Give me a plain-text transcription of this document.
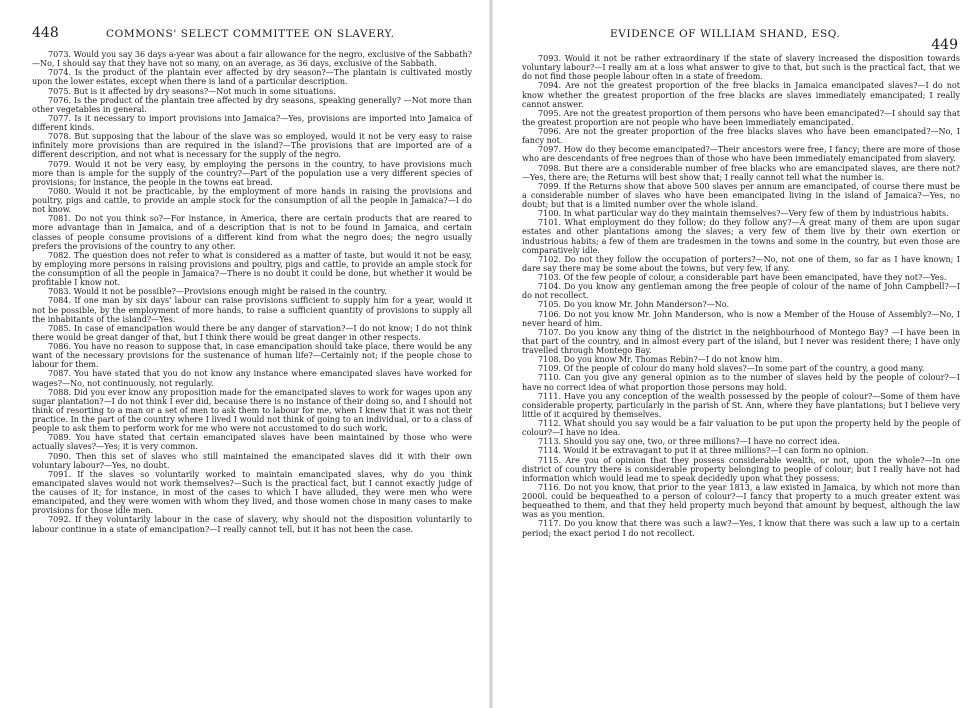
448	COMMONS' SELECT COMMITTEE ON SLAVERY.

7073. Would you say 36 days a-year was about a fair allowance for the negro, exclusive of the Sabbath?—No, I should say that they have not so many, on an average, as 36 days, exclusive of the Sabbath.

7074. Is the product of the plantain ever affected by dry season?—The plantain is cultivated mostly upon the lower estates, except when there is land of a particular description.

7075. But is it affected by dry seasons?—Not much in some situations.

7076. Is the product of the plantain tree affected by dry seasons, speaking generally? —Not more than other vegetables in general.

7077. Is it necessary to import provisions into Jamaica?—Yes, provisions are imported into Jamaica of different kinds.

7078. But supposing that the labour of the slave was so employed, would it not be very easy to raise infinitely more provisions than are required in the island?—The provisions that are imported are of a different description, and not what is necessary for the supply of the negro.

7079. Would it not be very easy, by employing the persons in the country, to have provisions much more than is ample for the supply of the country?—Part of the population use a very different species of provisions; for instance, the people in the towns eat bread.

7080. Would it not be practicable, by the employment of more hands in raising the provisions and poultry, pigs and cattle, to provide an ample stock for the consumption of all the people in Jamaica?—I do not know.

7081. Do not you think so?—For instance, in America, there are certain products that are reared to more advantage than in Jamaica, and of a description that is not to be found in Jamaica, and certain classes of people consume provisions of a different kind from what the negro does; the negro usually prefers the provisions of the country to any other.

7082. The question does not refer to what is considered as a matter of taste, but would it not be easy, by employing more persons in raising provisions and poultry, pigs and cattle, to provide an ample stock for the consumption of all the people in Jamaica?—There is no doubt it could be done, but whether it would be profitable I know not.

7083. Would it not be possible?—Provisions enough might be raised in the country.

7084. If one man by six days' labour can raise provisions sufficient to supply him for a year, would it not be possible, by the employment of more hands, to raise a sufficient quantity of provisions to supply all the inhabitants of the island?—Yes.

7085. In case of emancipation would there be any danger of starvation?—I do not know; I do not think there would be great danger of that, but I think there would be great danger in other respects.

7086. You have no reason to suppose that, in case emancipation should take place, there would be any want of the necessary provisions for the sustenance of human life?—Certainly not; if the people chose to labour for them.

7087. You have stated that you do not know any instance where emancipated slaves have worked for wages?—No, not continuously, not regularly.

7088. Did you ever know any proposition made for the emancipated slaves to work for wages upon any sugar plantation?—I do not think I ever did, because there is no instance of their doing so, and I should not think of resorting to a man or a set of men to ask them to labour for me, when I knew that it was not their practice. In the part of the country where I lived I would not think of going to an individual, or to a class of people to ask them to perform work for me who were not accustomed to do such work.

7089. You have stated that certain emancipated slaves have been maintained by those who were actually slaves?—Yes; it is very common.

7090. Then this set of slaves who still maintained the emancipated slaves did it with their own voluntary labour?—Yes, no doubt.

7091. If the slaves so voluntarily worked to maintain emancipated slaves, why do you think emancipated slaves would not work themselves?—Such is the practical fact, but I cannot exactly judge of the causes of it; for instance, in most of the cases to which I have alluded, they were men who were emancipated, and they were women with whom they lived, and those women chose in many cases to make provisions for those idle men.

7092. If they voluntarily labour in the case of slavery, why should not the disposition voluntarily to labour continue in a state of emancipation?—I really cannot tell, but it has not been the case.

EVIDENCE OF WILLIAM SHAND, ESQ.
449

7093. Would it not be rather extraordinary if the state of slavery increased the disposition towards voluntary labour?—I really am at a loss what answer to give to that, but such is the practical fact, that we do not find those people labour often in a state of freedom.

7094. Are not the greatest proportion of the free blacks in Jamaica emancipated slaves?—I do not know whether the greatest proportion of the free blacks are slaves immediately emancipated; I really cannot answer.

7095. Are not the greatest proportion of them persons who have been emancipated?—I should say that the greatest proportion are not people who have been immediately emancipated.

7096. Are not the greater proportion of the free blacks slaves who have been emancipated?—No, I fancy not.

7097. How do they become emancipated?—Their ancestors were free, I fancy; there are more of those who are descendants of free negroes than of those who have been immediately emancipated from slavery.

7098. But there are a considerable number of free blacks who are emancipated slaves, are there not?—Yes, there are; the Returns will best show that; I really cannot tell what the number is.

7099. If the Returns show that above 500 slaves per annum are emancipated, of course there must be a considerable number of slaves who have been emancipated living in the island of Jamaica?—Yes, no doubt; but that is a limited number over the whole island.

7100. In what particular way do they maintain themselves?—Very few of them by industrious habits.

7101. What employment do they follow; do they follow any?—A great many of them are upon sugar estates and other plantations among the slaves; a very few of them live by their own exertion or industrious habits; a few of them are tradesmen in the towns and some in the country, but even those are comparatively idle.

7102. Do not they follow the occupation of porters?—No, not one of them, so far as I have known; I dare say there may be some about the towns, but very few, if any.

7103. Of the few people of colour, a considerable part have been emancipated, have they not?—Yes.

7104. Do you know any gentleman among the free people of colour of the name of John Campbell?—I do not recollect.

7105. Do you know Mr. John Manderson?—No.

7106. Do not you know Mr. John Manderson, who is now a Member of the House of Assembly?—No, I never heard of him.

7107. Do you know any thing of the district in the neighbourhood of Montego Bay? —I have been in that part of the country, and in almost every part of the island, but I never was resident there; I have only travelled through Montego Bay.

7108. Do you know Mr. Thomas Rebin?—I do not know him.

7109. Of the people of colour do many hold slaves?—In some part of the country, a good many.

7110. Can you give any general opinion as to the number of slaves held by the people of colour?—I have no correct idea of what proportion those persons may hold.

7111. Have you any conception of the wealth possessed by the people of colour?—Some of them have considerable property, particularly in the parish of St. Ann, where they have plantations; but I believe very little of it acquired by themselves.

7112. What should you say would be a fair valuation to be put upon the property held by the people of colour?—I have no idea.

7113. Should you say one, two, or three millions?—I have no correct idea.

7114. Would it be extravagant to put it at three millions?—I can form no opinion.

7115. Are you of opinion that they possess considerable wealth, or not, upon the whole?—In one district of country there is considerable property belonging to people of colour; but I really have not had information which would lead me to speak decidedly upon what they possess.

7116. Do not you know, that prior to the year 1813, a law existed in Jamaica, by which not more than 2000l. could be bequeathed to a person of colour?—I fancy that property to a much greater extent was bequeathed to them, and that they held property much beyond that amount by bequest, although the law was as you mention.

7117. Do you know that there was such a law?—Yes, I know that there was such a law up to a certain period; the exact period I do not recollect.
